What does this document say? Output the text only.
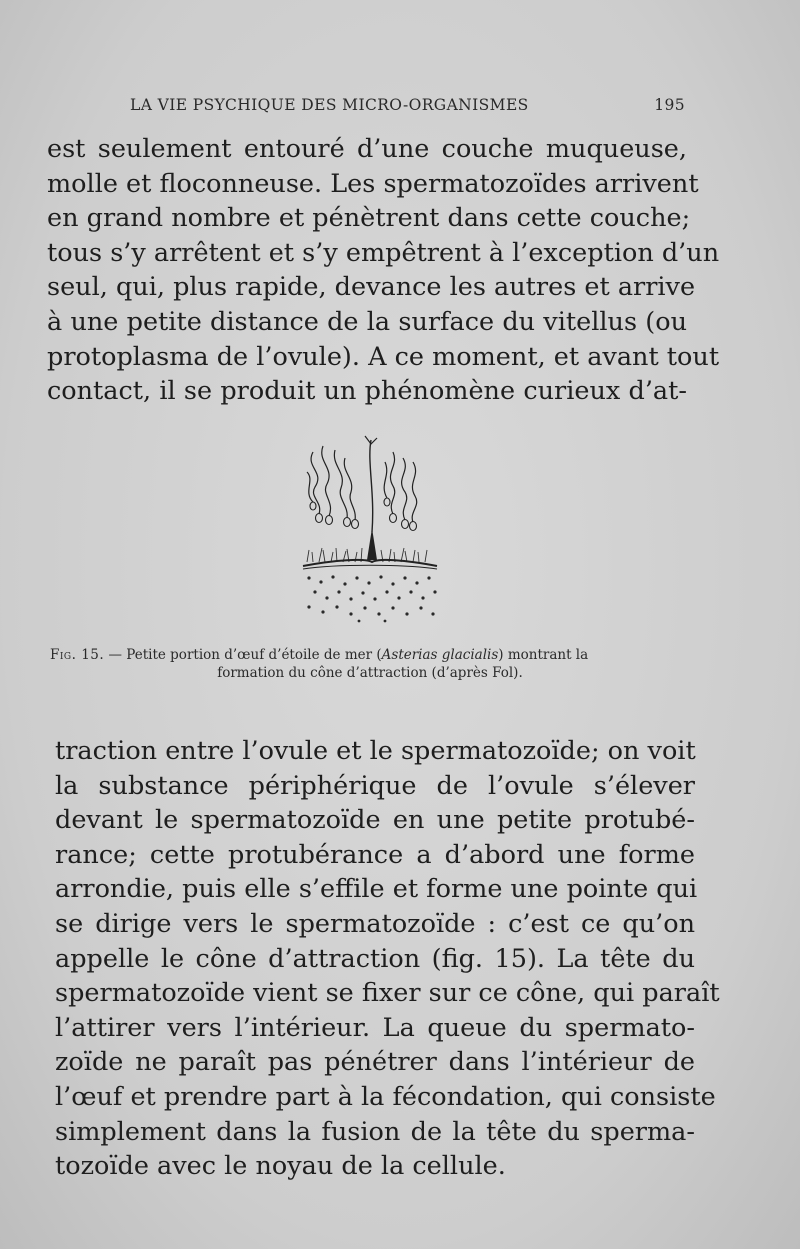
LA VIE PSYCHIQUE DES MICRO-ORGANISMES	195
est seulement entouré d’une couche muqueuse,
molle et floconneuse. Les spermatozoïdes arrivent
en grand nombre et pénètrent dans cette couche;
tous s’y arrêtent et s’y empêtrent à l’exception d’un
seul, qui, plus rapide, devance les autres et arrive
à une petite distance de la surface du vitellus (ou
protoplasma de l’ovule). A ce moment, et avant tout
contact, il se produit un phénomène curieux d’at-
Fig. 15. — Petite portion d’œuf d’étoile de mer (Asterias glacialis) montrant la
formation du cône d’attraction (d’après Fol).
traction entre l’ovule et le spermatozoïde; on voit
la substance périphérique de l’ovule s’élever
devant le spermatozoïde en une petite protubé-
rance; cette protubérance a d’abord une forme
arrondie, puis elle s’effile et forme une pointe qui
se dirige vers le spermatozoïde : c’est ce qu’on
appelle le cône d’attraction (fig. 15). La tête du
spermatozoïde vient se fixer sur ce cône, qui paraît
l’attirer vers l’intérieur. La queue du spermato-
zoïde ne paraît pas pénétrer dans l’intérieur de
l’œuf et prendre part à la fécondation, qui consiste
simplement dans la fusion de la tête du sperma-
tozoïde avec le noyau de la cellule.
